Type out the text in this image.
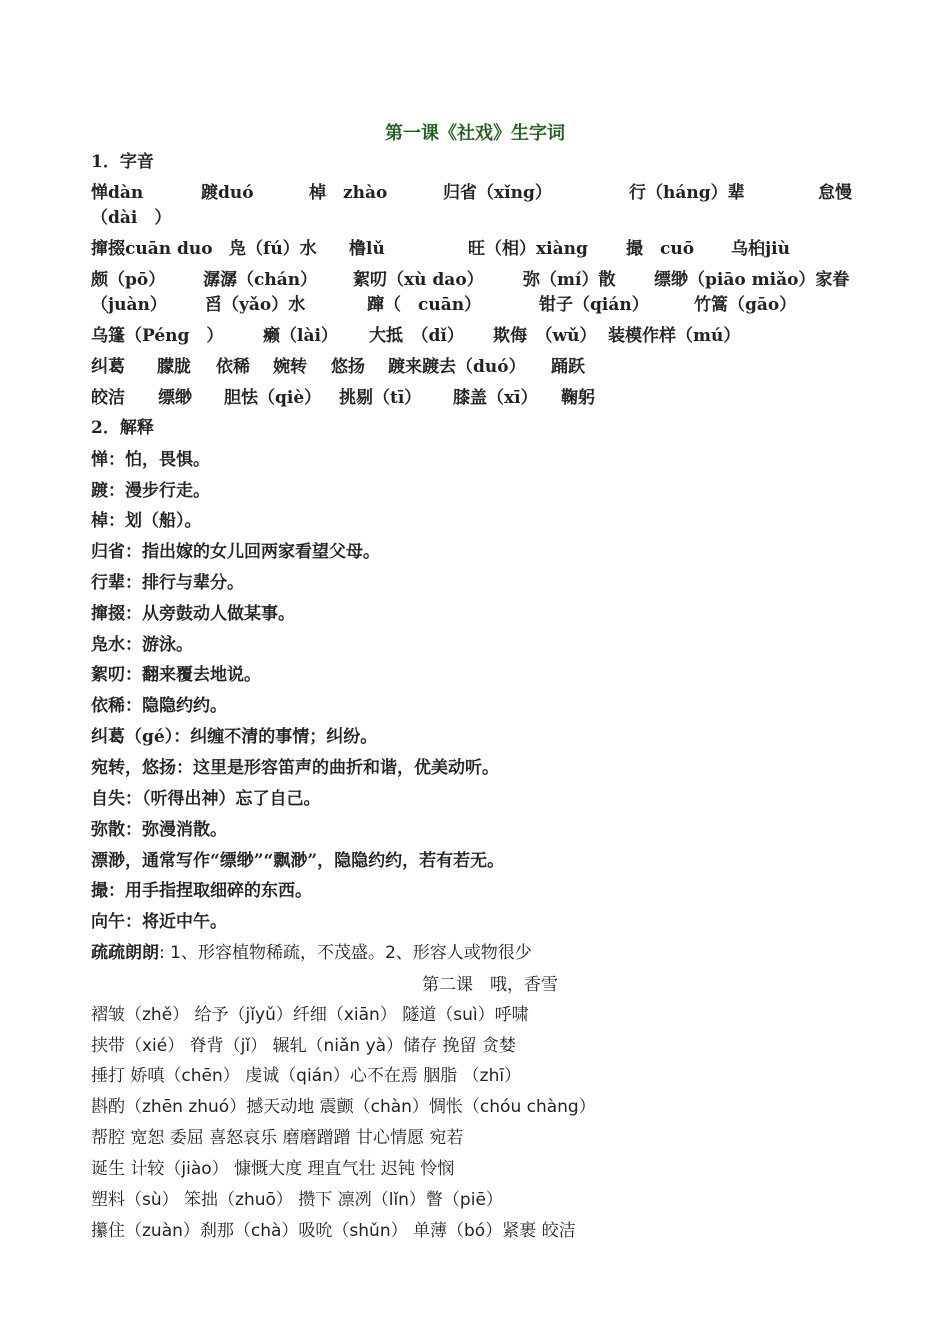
第一课《社戏》生字词
1．字音
惮dàn	踱duó	棹　zhào	归省（xǐng）	行（háng）辈	怠慢
（dài　）
撺掇cuān duo 凫（fú）水 橹lǔ	旺（相）xiàng 撮　cuō 乌桕jiù
颇（pō） 潺潺（chán） 絮叨（xù dao） 弥（mí）散 缥缈（piāo miǎo）家眷
（juàn） 舀（yǎo）水	蹿（　cuān）	钳子（qián）	竹篙（gāo）
乌篷（Péng　） 癞（lài） 大抵　（dǐ） 欺侮　（wǔ） 装模作样（mú）
纠葛 朦胧 依稀 婉转 悠扬 踱来踱去（duó） 踊跃
皎洁 缥缈 胆怯（qiè） 挑剔（tī） 膝盖（xī） 鞠躬
2．解释
惮：怕，畏惧。
踱：漫步行走。
棹：划（船）。
归省：指出嫁的女儿回两家看望父母。
行辈：排行与辈分。
撺掇：从旁鼓动人做某事。
凫水：游泳。
絮叨：翻来覆去地说。
依稀：隐隐约约。
纠葛（gé）：纠缠不清的事情；纠纷。
宛转，悠扬：这里是形容笛声的曲折和谐，优美动听。
自失：（听得出神）忘了自己。
弥散：弥漫消散。
漂渺，通常写作“缥缈”“飘渺”，隐隐约约，若有若无。
撮：用手指捏取细碎的东西。
向午：将近中午。
疏疏朗朗: 1、形容植物稀疏，不茂盛。2、形容人或物很少
第二课　哦，香雪
褶皱（zhě） 给予（jǐyǔ）纤细（xiān） 隧道（suì）呼啸
挟带（xié） 脊背（jǐ） 辗轧（niǎn yà）储存 挽留 贪婪
捶打 娇嗔（chēn） 虔诚（qián）心不在焉 胭脂 （zhī）
斟酌（zhēn zhuó）撼天动地 震颤（chàn）惆怅（chóu chàng）
帮腔 宽恕 委屈 喜怒哀乐 磨磨蹭蹭 甘心情愿 宛若
诞生 计较（jiào） 慷慨大度 理直气壮 迟钝 怜悯
塑料（sù） 笨拙（zhuō） 攒下 凛冽（lǐn）瞥（piē）
攥住（zuàn）刹那（chà）吸吮（shǔn） 单薄（bó）紧裹 皎洁
